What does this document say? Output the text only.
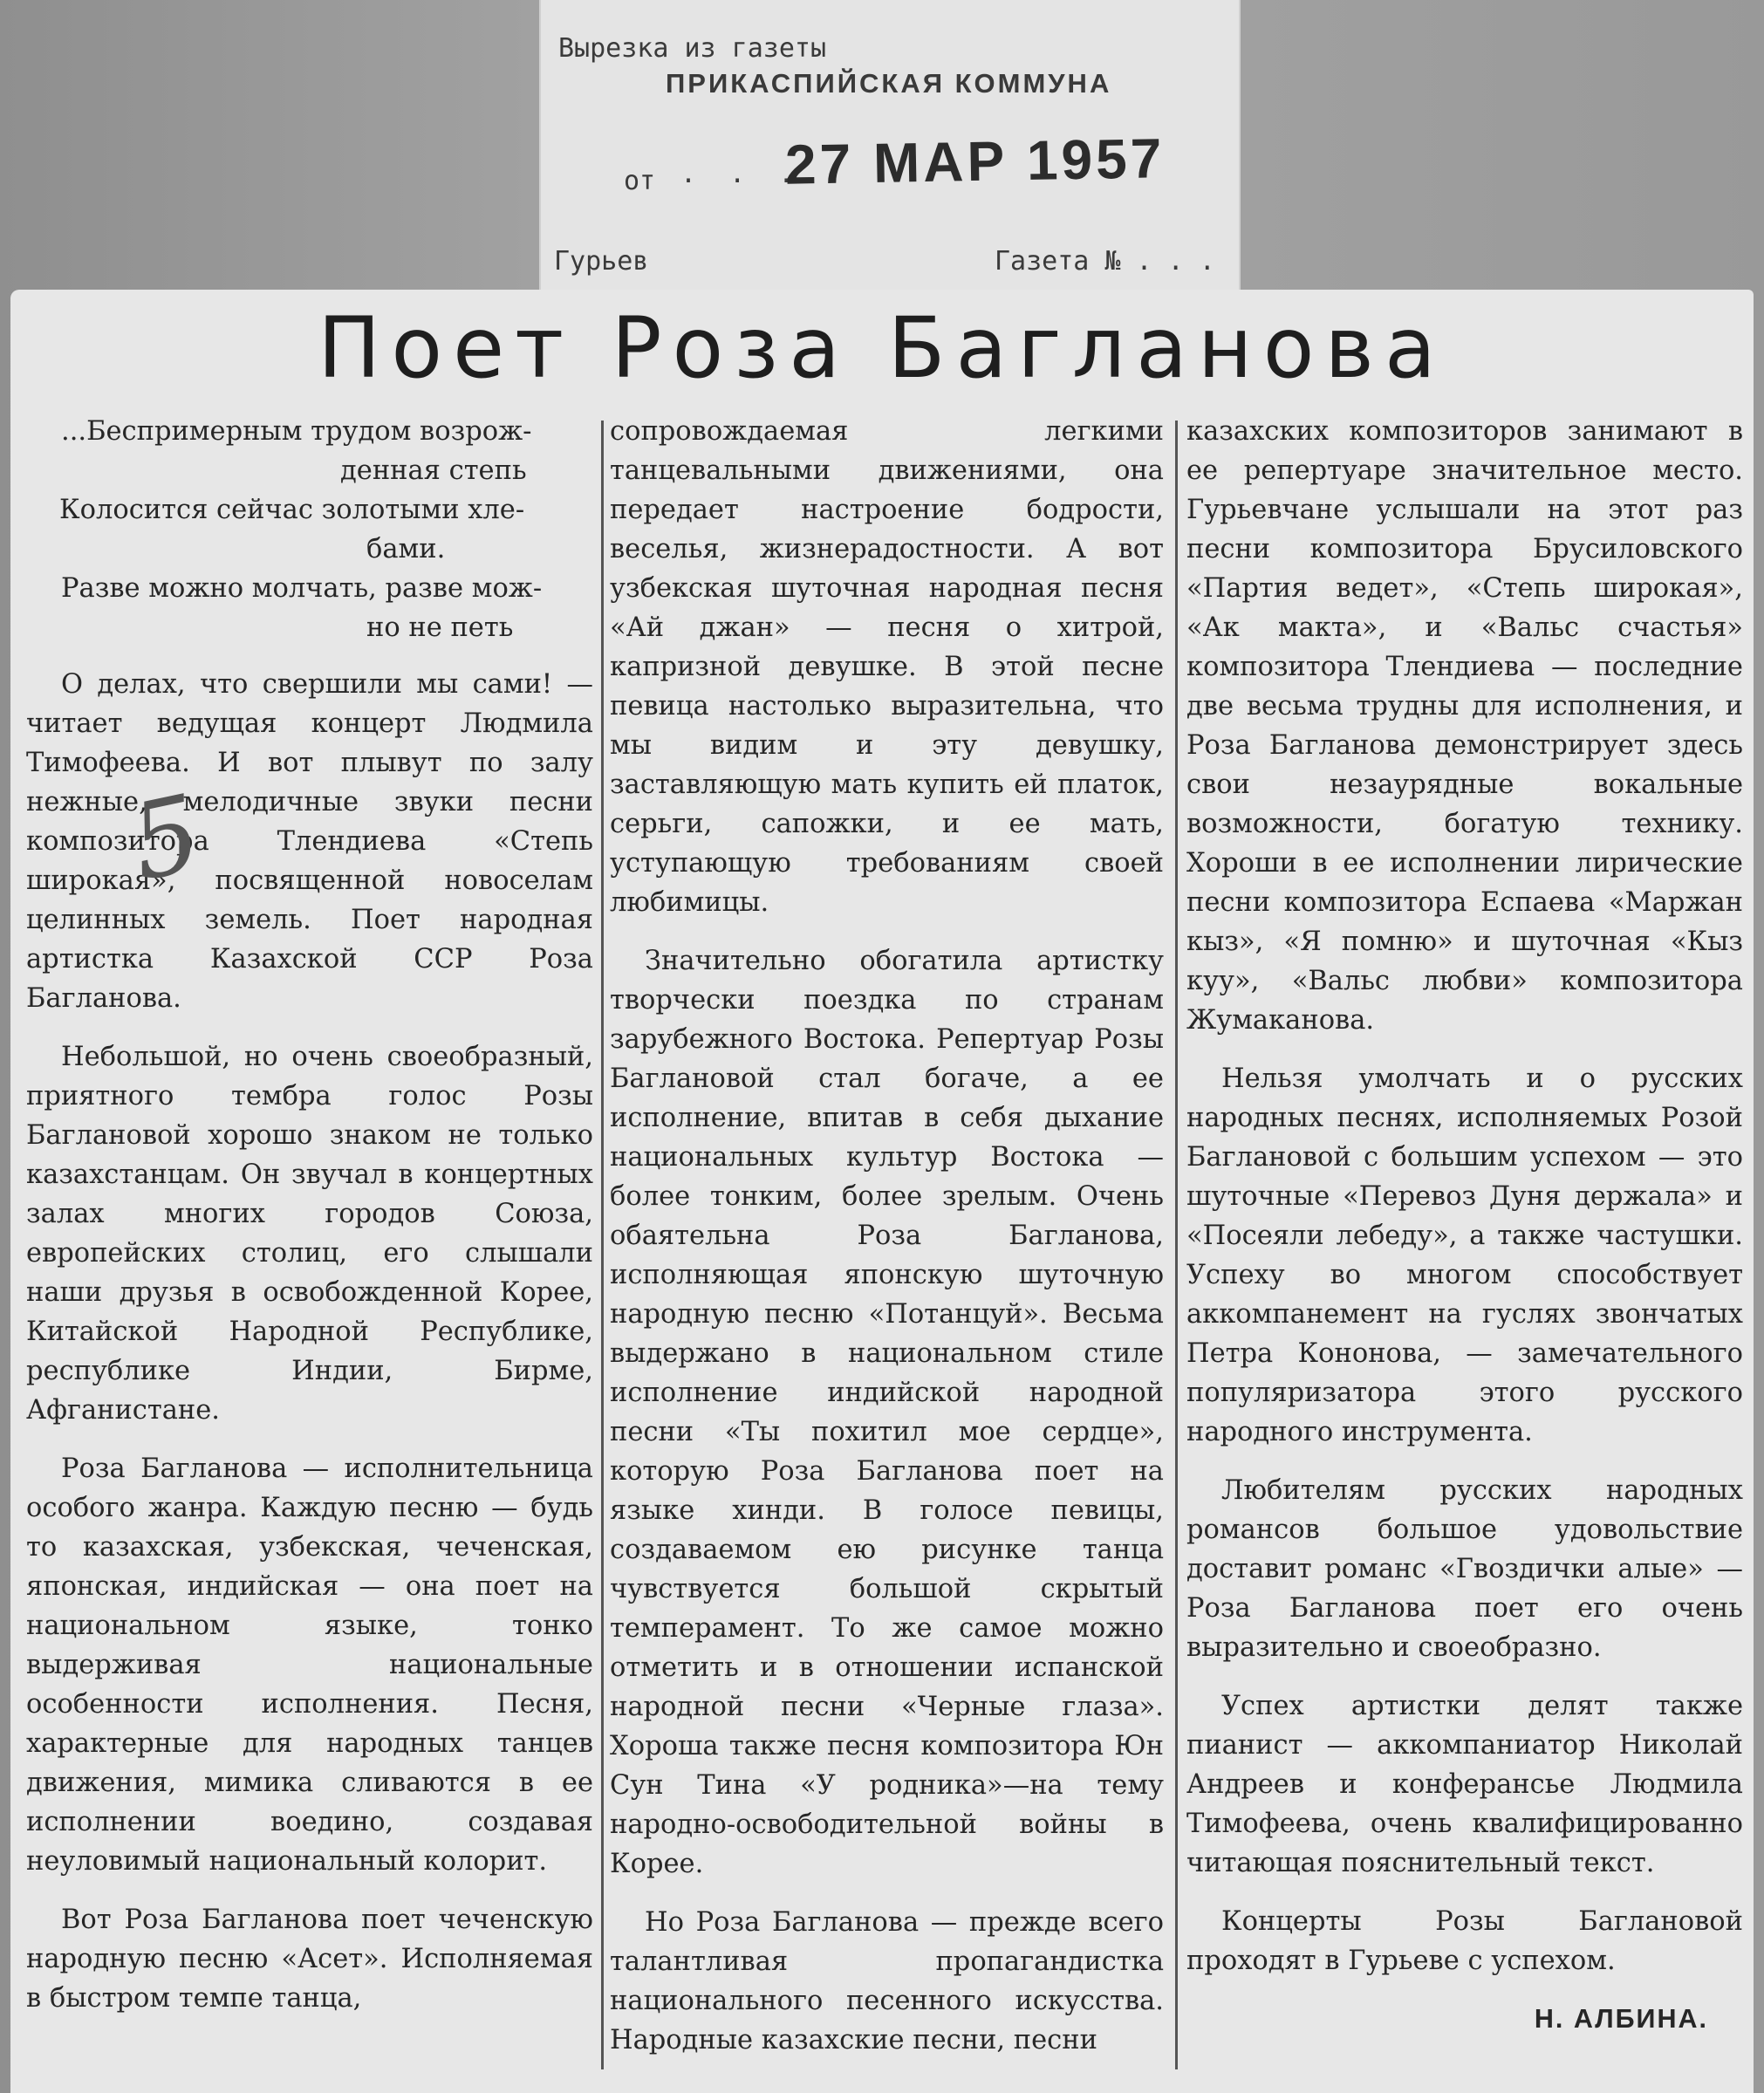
Вырезка из газеты
ПРИКАСПИЙСКАЯ КОММУНА
от . . .
27 МАР 1957
Гурьев	Газета № . . .
Поет Роза Багланова
...Беспримерным трудом возрож-
денная степь
Колосится сейчас золотыми хле-
бами.
Разве можно молчать, разве мож-
но не петь

О делах, что свершили мы сами! —читает ведущая концерт Людмила Тимофеева. И вот плывут по залу нежные, мелодичные звуки песни композитора Тлендиева «Степь широкая», посвященной новоселам целинных земель. Поет народная артистка Казахской ССР Роза Багланова.

Небольшой, но очень своеобразный, приятного тембра голос Розы Баглановой хорошо знаком не только казахстанцам. Он звучал в концертных залах многих городов Союза, европейских столиц, его слышали наши друзья в освобожденной Корее, Китайской Народной Республике, республике Индии, Бирме, Афганистане.

Роза Багланова — исполнительница особого жанра. Каждую песню — будь то казахская, узбекская, чеченская, японская, индийская — она поет на национальном языке, тонко выдерживая национальные особенности исполнения. Песня, характерные для народных танцев движения, мимика сливаются в ее исполнении воедино, создавая неуловимый национальный колорит.

Вот Роза Багланова поет чеченскую народную песню «Асет». Исполняемая в быстром темпе танца,

5

сопровождаемая легкими танцевальными движениями, она передает настроение бодрости, веселья, жизнерадостности. А вот узбекская шуточная народная песня «Ай джан» — песня о хитрой, капризной девушке. В этой песне певица настолько выразительна, что мы видим и эту девушку, заставляющую мать купить ей платок, серьги, сапожки, и ее мать, уступающую требованиям своей любимицы.

Значительно обогатила артистку творчески поездка по странам зарубежного Востока. Репертуар Розы Баглановой стал богаче, а ее исполнение, впитав в себя дыхание национальных культур Востока — более тонким, более зрелым. Очень обаятельна Роза Багланова, исполняющая японскую шуточную народную песню «Потанцуй». Весьма выдержано в национальном стиле исполнение индийской народной песни «Ты похитил мое сердце», которую Роза Багланова поет на языке хинди. В голосе певицы, создаваемом ею рисунке танца чувствуется большой скрытый темперамент. То же самое можно отметить и в отношении испанской народной песни «Черные глаза». Хороша также песня композитора Юн Сун Тина «У родника»—на тему народно-освободительной войны в Корее.

Но Роза Багланова — прежде всего талантливая пропагандистка национального песенного искусства. Народные казахские песни, песни

казахских композиторов занимают в ее репертуаре значительное место. Гурьевчане услышали на этот раз песни композитора Брусиловского «Партия ведет», «Степь широкая», «Ак макта», и «Вальс счастья» композитора Тлендиева — последние две весьма трудны для исполнения, и Роза Багланова демонстрирует здесь свои незаурядные вокальные возможности, богатую технику. Хороши в ее исполнении лирические песни композитора Еспаева «Маржан кыз», «Я помню» и шуточная «Кыз куу», «Вальс любви» композитора Жумаканова.

Нельзя умолчать и о русских народных песнях, исполняемых Розой Баглановой с большим успехом — это шуточные «Перевоз Дуня держала» и «Посеяли лебеду», а также частушки. Успеху во многом способствует аккомпанемент на гуслях звончатых Петра Кононова, — замечательного популяризатора этого русского народного инструмента.

Любителям русских народных романсов большое удовольствие доставит романс «Гвоздички алые» — Роза Багланова поет его очень выразительно и своеобразно.

Успех артистки делят также пианист — аккомпаниатор Николай Андреев и конферансье Людмила Тимофеева, очень квалифицированно читающая пояснительный текст.

Концерты Розы Баглановой проходят в Гурьеве с успехом.

Н. АЛБИНА.
